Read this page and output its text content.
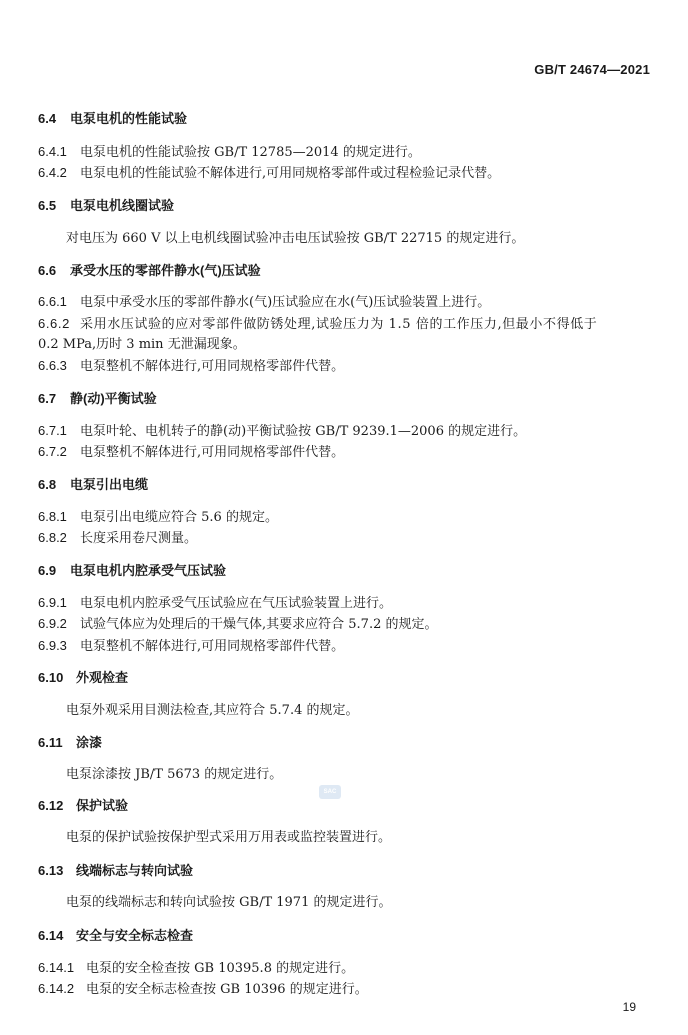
GB/T 24674—2021
6.4 电泵电机的性能试验
6.4.1 电泵电机的性能试验按 GB/T 12785—2014 的规定进行。
6.4.2 电泵电机的性能试验不解体进行,可用同规格零部件或过程检验记录代替。
6.5 电泵电机线圈试验
对电压为 660 V 以上电机线圈试验冲击电压试验按 GB/T 22715 的规定进行。
6.6 承受水压的零部件静水(气)压试验
6.6.1 电泵中承受水压的零部件静水(气)压试验应在水(气)压试验装置上进行。
6.6.2 采用水压试验的应对零部件做防锈处理,试验压力为 1.5 倍的工作压力,但最小不得低于
0.2 MPa,历时 3 min 无泄漏现象。
6.6.3 电泵整机不解体进行,可用同规格零部件代替。
6.7 静(动)平衡试验
6.7.1 电泵叶轮、电机转子的静(动)平衡试验按 GB/T 9239.1—2006 的规定进行。
6.7.2 电泵整机不解体进行,可用同规格零部件代替。
6.8 电泵引出电缆
6.8.1 电泵引出电缆应符合 5.6 的规定。
6.8.2 长度采用卷尺测量。
6.9 电泵电机内腔承受气压试验
6.9.1 电泵电机内腔承受气压试验应在气压试验装置上进行。
6.9.2 试验气体应为处理后的干燥气体,其要求应符合 5.7.2 的规定。
6.9.3 电泵整机不解体进行,可用同规格零部件代替。
6.10 外观检查
电泵外观采用目测法检查,其应符合 5.7.4 的规定。
6.11 涂漆
电泵涂漆按 JB/T 5673 的规定进行。
6.12 保护试验
电泵的保护试验按保护型式采用万用表或监控装置进行。
6.13 线端标志与转向试验
电泵的线端标志和转向试验按 GB/T 1971 的规定进行。
6.14 安全与安全标志检查
6.14.1 电泵的安全检查按 GB 10395.8 的规定进行。
6.14.2 电泵的安全标志检查按 GB 10396 的规定进行。
SAC
19
